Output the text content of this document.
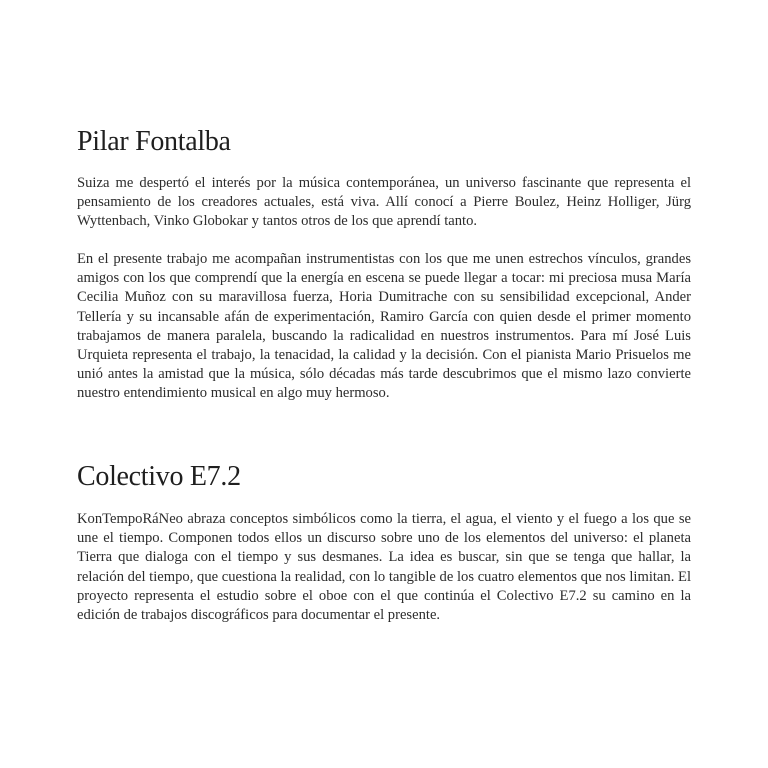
Pilar Fontalba

Suiza me despertó el interés por la música contemporánea, un universo fascinante que representa el pensamiento de los creadores actuales, está viva. Allí conocí a Pierre Boulez, Heinz Holliger, Jürg Wyttenbach, Vinko Globokar y tantos otros de los que aprendí tanto.

En el presente trabajo me acompañan instrumentistas con los que me unen estrechos vínculos, grandes amigos con los que comprendí que la energía en escena se puede llegar a tocar: mi preciosa musa María Cecilia Muñoz con su maravillosa fuerza, Horia Dumitrache con su sensibilidad excepcional, Ander Tellería y su incansable afán de experimentación, Ramiro García con quien desde el primer momento trabajamos de manera paralela, buscando la radicalidad en nuestros instrumentos. Para mí José Luis Urquieta representa el trabajo, la tenacidad, la calidad y la decisión. Con el pianista Mario Prisuelos me unió antes la amistad que la música, sólo décadas más tarde descubrimos que el mismo lazo convierte nuestro entendimiento musical en algo muy hermoso.

Colectivo E7.2

KonTempoRáNeo abraza conceptos simbólicos como la tierra, el agua, el viento y el fuego a los que se une el tiempo. Componen todos ellos un discurso sobre uno de los elementos del universo: el planeta Tierra que dialoga con el tiempo y sus desmanes. La idea es buscar, sin que se tenga que hallar, la relación del tiempo, que cuestiona la realidad, con lo tangible de los cuatro elementos que nos limitan. El proyecto representa el estudio sobre el oboe con el que continúa el Colectivo E7.2 su camino en la edición de trabajos discográficos para documentar el presente.
